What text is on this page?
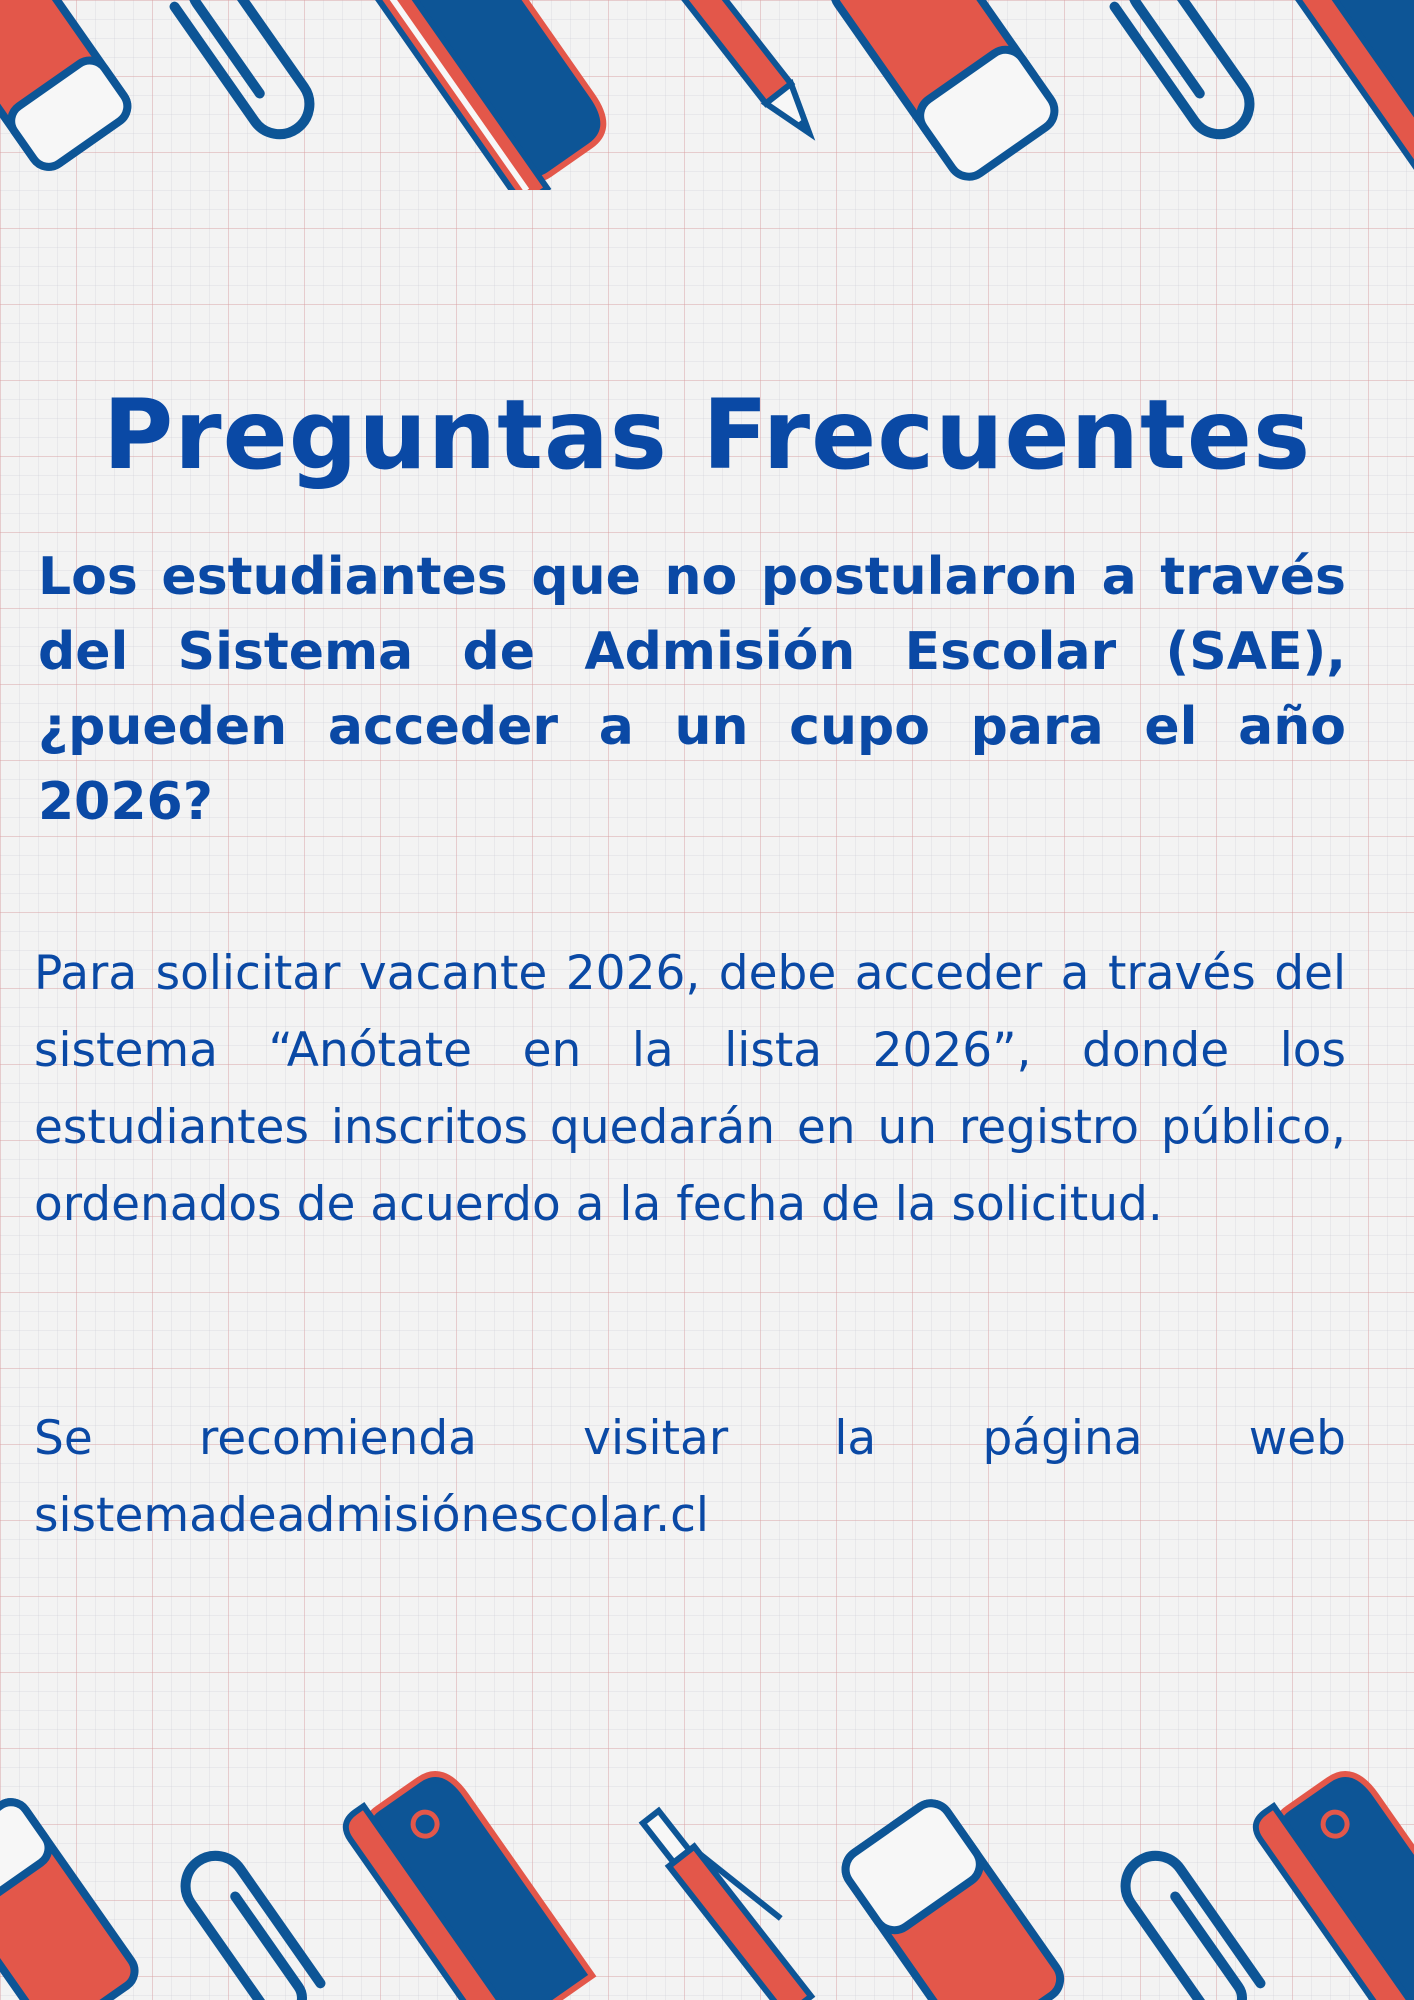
Preguntas Frecuentes

Los estudiantes que no postularon a través del Sistema de Admisión Escolar (SAE), ¿pueden acceder a un cupo para el año 2026?

Para solicitar vacante 2026, debe acceder a través del sistema “Anótate en la lista 2026”, donde los estudiantes inscritos quedarán en un registro público, ordenados de acuerdo a la fecha de la solicitud.

Se recomienda visitar la página web
sistemadeadmisiónescolar.cl
